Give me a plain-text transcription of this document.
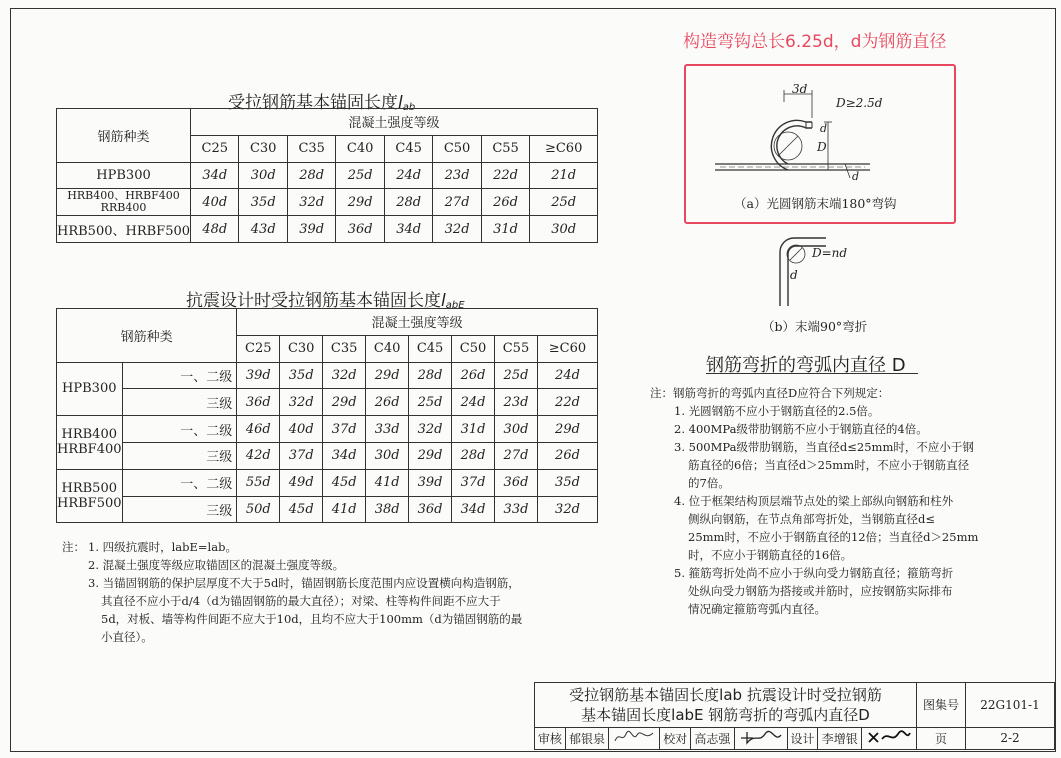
受拉钢筋基本锚固长度$l_{ab}$
钢筋种类	混凝土强度等级							
	C25	C30	C35	C40	C45	C50	C55	≥C60
HPB300	34d	30d	28d	25d	24d	23d	22d	21d
HRB400、HRBF400 RRB400	40d	35d	32d	29d	28d	27d	26d	25d
HRB500、HRBF500	48d	43d	39d	36d	34d	32d	31d	30d
抗震设计时受拉钢筋基本锚固长度$l_{abE}$
钢筋种类		混凝土强度等级							
		C25	C30	C35	C40	C45	C50	C55	≥C60
HPB300	一、二级	39d	35d	32d	29d	28d	26d	25d	24d
	三级	36d	32d	29d	26d	25d	24d	23d	22d
HRB400 HRBF400	一、二级	46d	40d	37d	33d	32d	31d	30d	29d
	三级	42d	37d	34d	30d	29d	28d	27d	26d
HRB500 HRBF500	一、二级	55d	49d	45d	41d	39d	37d	36d	35d
	三级	50d	45d	41d	38d	36d	34d	33d	32d
注： 1. 四级抗震时，labE=lab。
2. 混凝土强度等级应取锚固区的混凝土强度等级。
3. 当锚固钢筋的保护层厚度不大于5d时，锚固钢筋长度范围内应设置横向构造钢筋，
其直径不应小于d/4（d为锚固钢筋的最大直径）；对梁、柱等构件间距不应大于
5d，对板、墙等构件间距不应大于10d，且均不应大于100mm（d为锚固钢筋的最
小直径）。
构造弯钩总长6.25d，d为钢筋直径
3d
D≥2.5d
D
d
d
（a）光圆钢筋末端180°弯钩
D=nd
d
（b）末端90°弯折
钢筋弯折的弯弧内直径 D
注：钢筋弯折的弯弧内直径D应符合下列规定：
1. 光圆钢筋不应小于钢筋直径的2.5倍。
2. 400MPa级带肋钢筋不应小于钢筋直径的4倍。
3. 500MPa级带肋钢筋，当直径d≤25mm时，不应小于钢
筋直径的6倍；当直径d＞25mm时，不应小于钢筋直径
的7倍。
4. 位于框架结构顶层端节点处的梁上部纵向钢筋和柱外
侧纵向钢筋，在节点角部弯折处，当钢筋直径d≤
25mm时，不应小于钢筋直径的12倍；当直径d＞25mm
时，不应小于钢筋直径的16倍。
5. 箍筋弯折处尚不应小于纵向受力钢筋直径；箍筋弯折
处纵向受力钢筋为搭接或并筋时，应按钢筋实际排布
情况确定箍筋弯弧内直径。
受拉钢筋基本锚固长度lab 抗震设计时受拉钢筋
基本锚固长度labE 钢筋弯折的弯弧内直径D									图集号	22G101-1
审核	郁银泉		校对	高志强		设计	李增银		页	2-2
